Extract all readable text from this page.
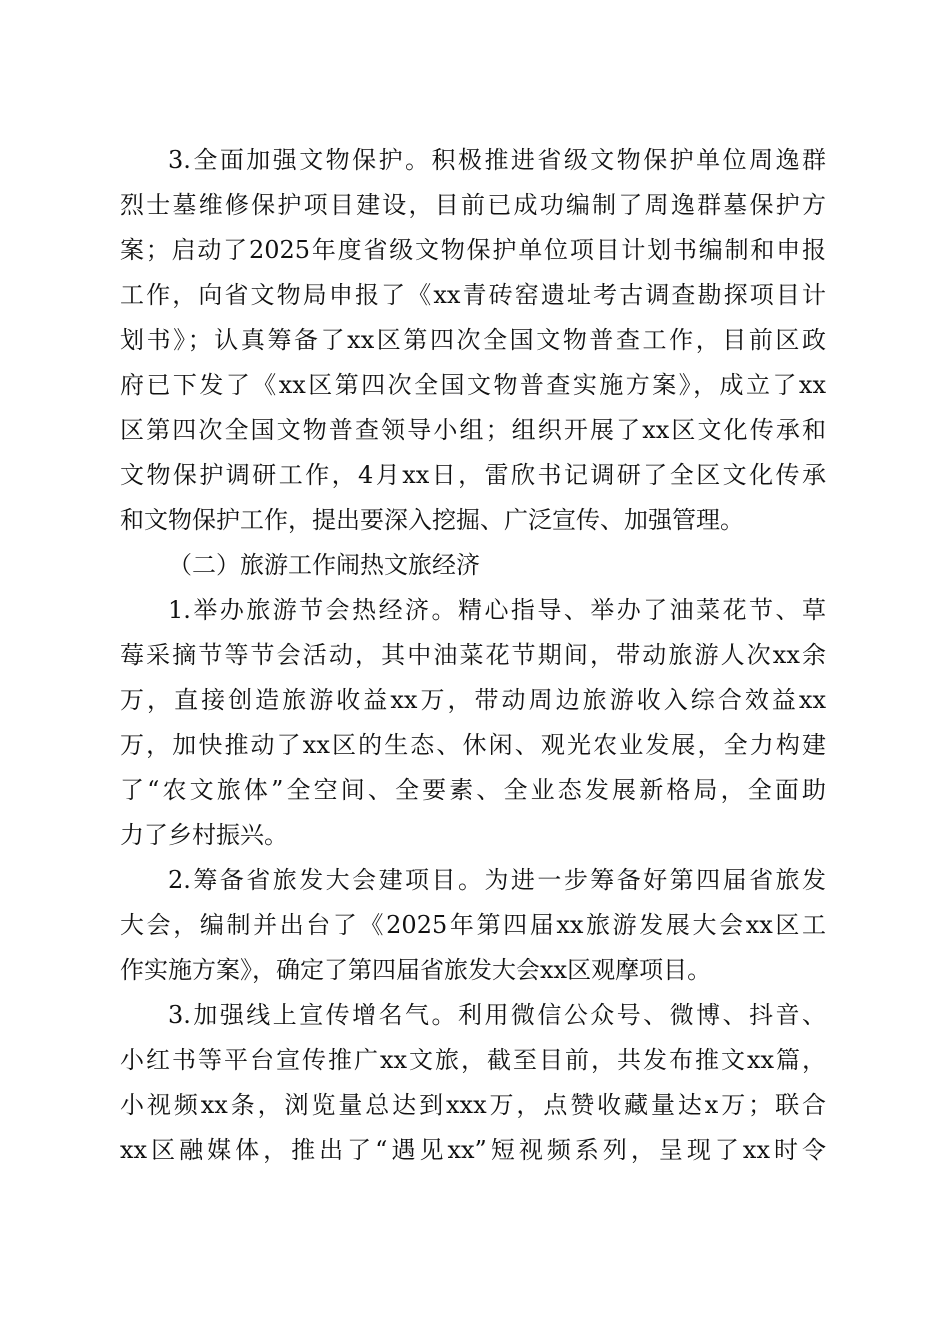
3.全面加强文物保护。积极推进省级文物保护单位周逸群
烈士墓维修保护项目建设，目前已成功编制了周逸群墓保护方
案；启动了2025年度省级文物保护单位项目计划书编制和申报
工作，向省文物局申报了《xx青砖窑遗址考古调查勘探项目计
划书》；认真筹备了xx区第四次全国文物普查工作，目前区政
府已下发了《xx区第四次全国文物普查实施方案》，成立了xx
区第四次全国文物普查领导小组；组织开展了xx区文化传承和
文物保护调研工作，4月xx日，雷欣书记调研了全区文化传承
和文物保护工作，提出要深入挖掘、广泛宣传、加强管理。
（二）旅游工作闹热文旅经济
1.举办旅游节会热经济。精心指导、举办了油菜花节、草
莓采摘节等节会活动，其中油菜花节期间，带动旅游人次xx余
万，直接创造旅游收益xx万，带动周边旅游收入综合效益xx
万，加快推动了xx区的生态、休闲、观光农业发展，全力构建
了“农文旅体”全空间、全要素、全业态发展新格局，全面助
力了乡村振兴。
2.筹备省旅发大会建项目。为进一步筹备好第四届省旅发
大会，编制并出台了《2025年第四届xx旅游发展大会xx区工
作实施方案》，确定了第四届省旅发大会xx区观摩项目。
3.加强线上宣传增名气。利用微信公众号、微博、抖音、
小红书等平台宣传推广xx文旅，截至目前，共发布推文xx篇，
小视频xx条，浏览量总达到xxx万，点赞收藏量达x万；联合
xx区融媒体，推出了“遇见xx”短视频系列，呈现了xx时令
